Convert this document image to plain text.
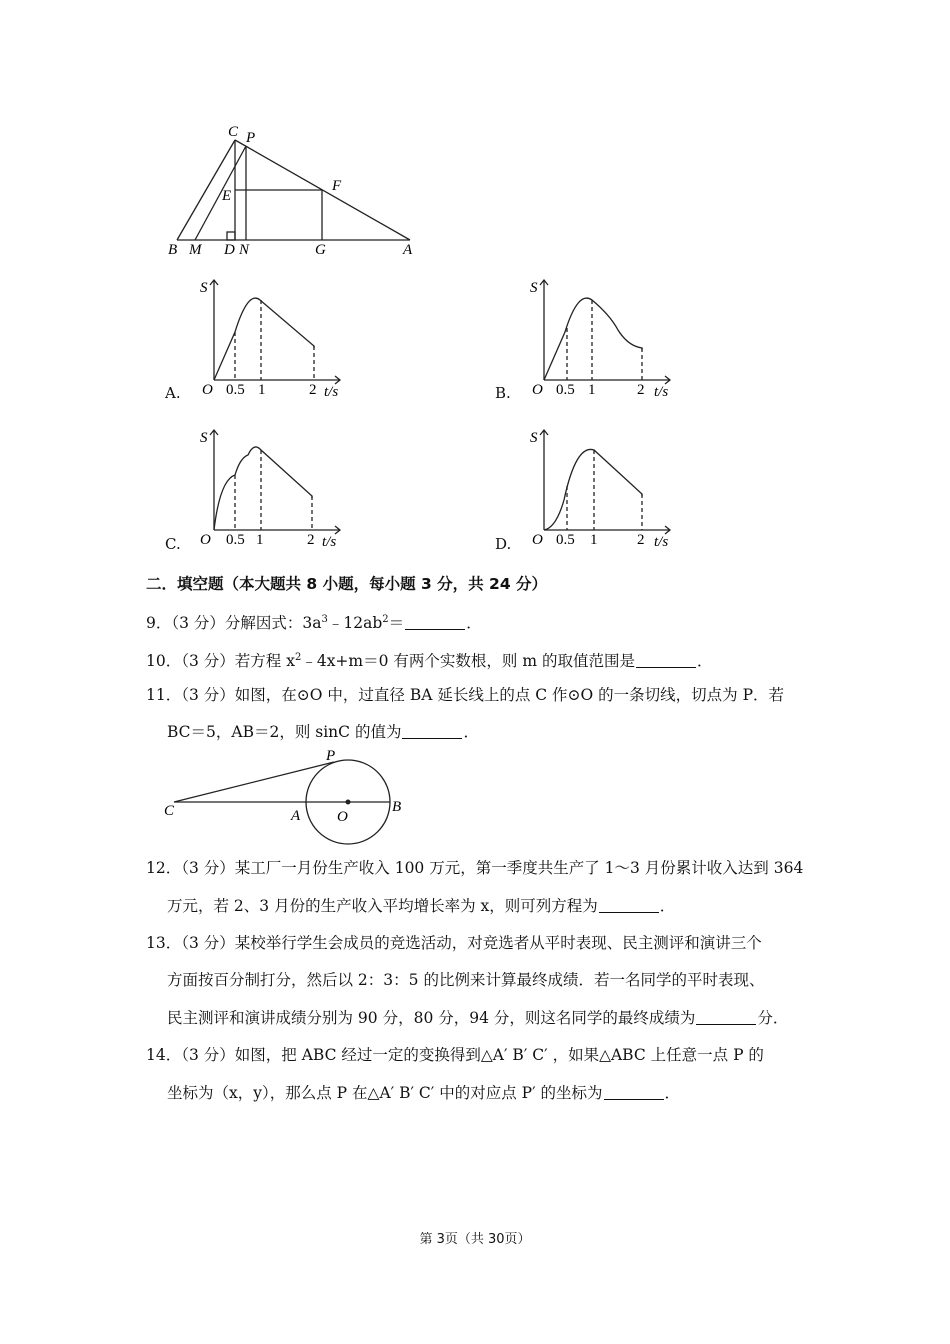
C P
E
F
B M D N	G	A
S
O 0.5 1	2 t/s
A.
S
O 0.5 1	2 t/s
B.
S
O 0.5 1	2 t/s
C.
S
O 0.5 1	2 t/s
D.
二．填空题（本大题共 8 小题，每小题 3 分，共 24 分）
9．（3 分）分解因式：$3a^3﹣12ab^2=$	．
10．（3 分）若方程 $x^2﹣4x+m=0$ 有两个实数根，则 m 的取值范围是	．
11．（3 分）如图，在⊙O 中，过直径 BA 延长线上的点 C 作⊙O 的一条切线，切点为 P．若
BC＝5，AB＝2，则 sinC 的值为	．
P
C	A O
B
12．（3 分）某工厂一月份生产收入 100 万元，第一季度共生产了 1～3 月份累计收入达到 364
万元，若 2、3 月份的生产收入平均增长率为 x，则可列方程为	．
13．（3 分）某校举行学生会成员的竞选活动，对竞选者从平时表现、民主测评和演讲三个
方面按百分制打分，然后以 2：3：5 的比例来计算最终成绩．若一名同学的平时表现、
民主测评和演讲成绩分别为 90 分，80 分，94 分，则这名同学的最终成绩为	分．
14．（3 分）如图，把 ABC 经过一定的变换得到△A′ B′ C′ ，如果△ABC 上任意一点 P 的
坐标为（x，y），那么点 P 在△A′ B′ C′ 中的对应点 P′ 的坐标为	．
第 3页（共 30页）
